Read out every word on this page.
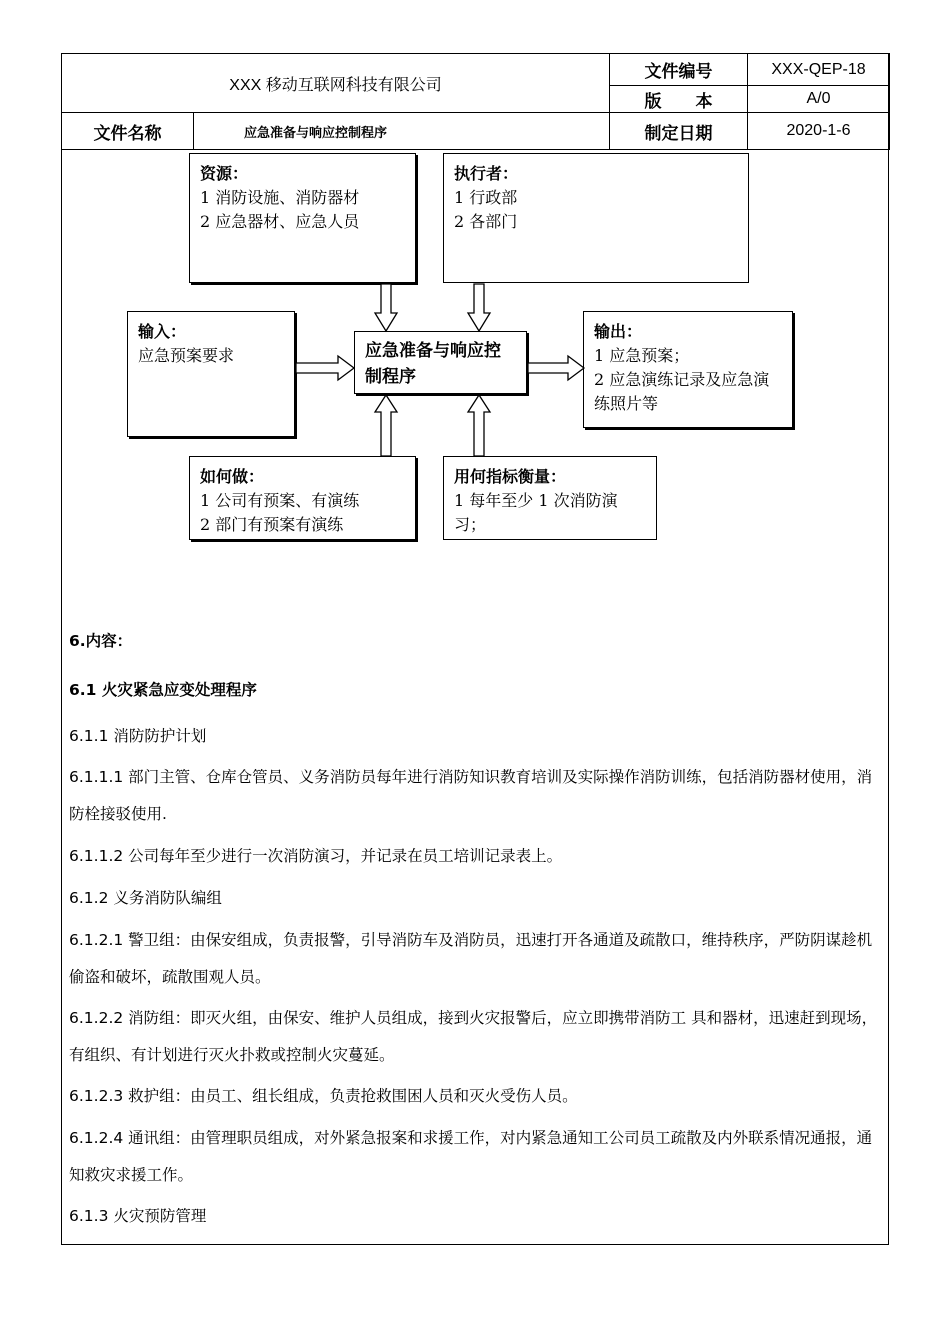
XXX 移动互联网科技有限公司		文件编号	XXX-QEP-18
		版　　本	A/0
文件名称	应急准备与响应控制程序	制定日期	2020-1-6
资源：
1 消防设施、消防器材
2 应急器材、应急人员
执行者：
1 行政部
2 各部门
输入：
应急预案要求	应急准备与响应控制程序
输出：
1 应急预案；
2 应急演练记录及应急演练照片等
如何做：
1 公司有预案、有演练
2 部门有预案有演练
用何指标衡量：
1 每年至少 1 次消防演习；
6.内容：
6.1 火灾紧急应变处理程序
6.1.1 消防防护计划
6.1.1.1 部门主管、仓库仓管员、义务消防员每年进行消防知识教育培训及实际操作消防训练，包括消防器材使用，消防栓接驳使用.
6.1.1.2 公司每年至少进行一次消防演习，并记录在员工培训记录表上。
6.1.2 义务消防队编组
6.1.2.1 警卫组：由保安组成，负责报警，引导消防车及消防员，迅速打开各通道及疏散口，维持秩序，严防阴谋趁机偷盗和破坏，疏散围观人员。
6.1.2.2 消防组：即灭火组，由保安、维护人员组成，接到火灾报警后，应立即携带消防工 具和器材，迅速赶到现场，有组织、有计划进行灭火扑救或控制火灾蔓延。
6.1.2.3 救护组：由员工、组长组成，负责抢救围困人员和灭火受伤人员。
6.1.2.4 通讯组：由管理职员组成，对外紧急报案和求援工作，对内紧急通知工公司员工疏散及内外联系情况通报，通知救灾求援工作。
6.1.3 火灾预防管理
